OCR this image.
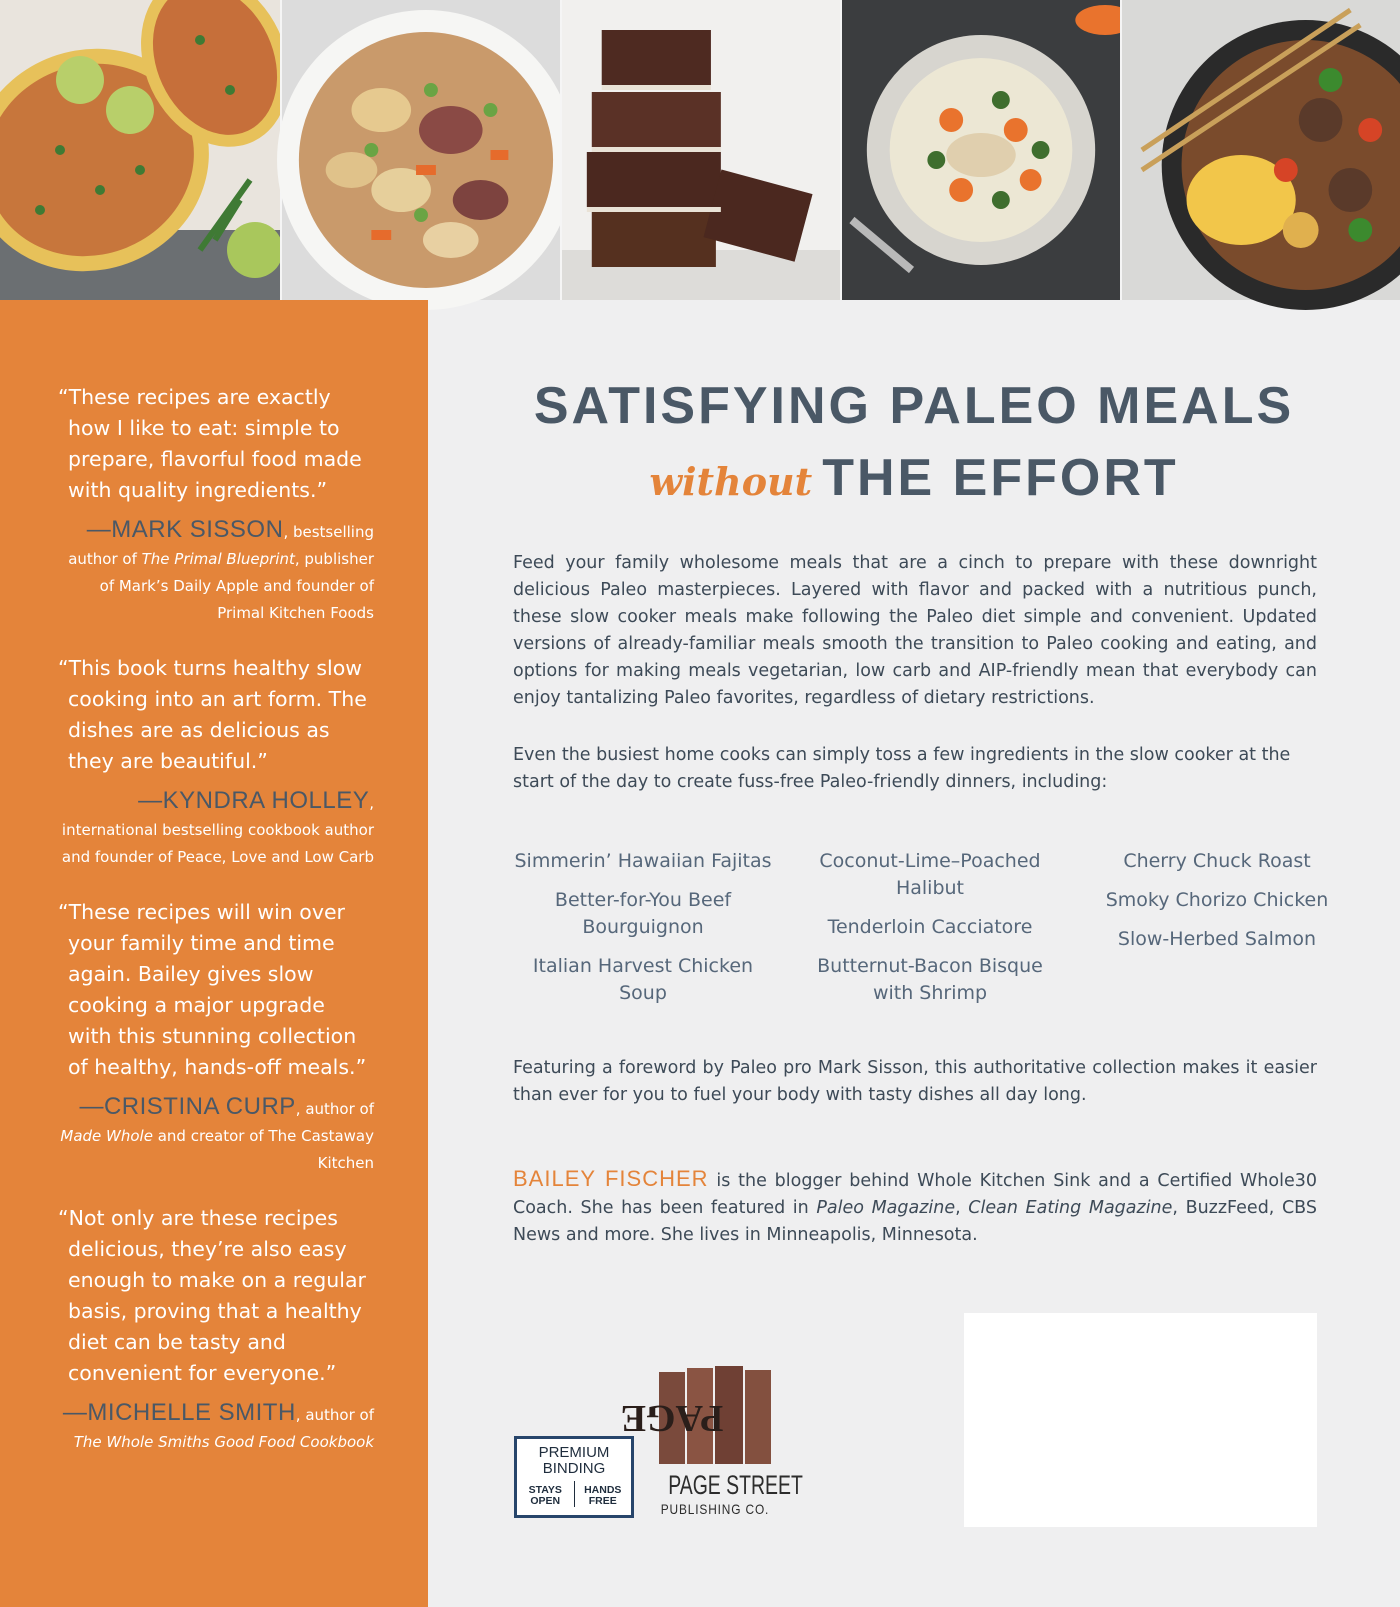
“These recipes are exactly how I like to eat: simple to prepare, flavorful food made with quality ingredients.”

—MARK SISSON, bestselling author of The Primal Blueprint, publisher of Mark’s Daily Apple and founder of Primal Kitchen Foods

“This book turns healthy slow cooking into an art form. The dishes are as delicious as they are beautiful.”

—KYNDRA HOLLEY, international bestselling cookbook author and founder of Peace, Love and Low Carb

“These recipes will win over your family time and time again. Bailey gives slow cooking a major upgrade with this stunning collection of healthy, hands-off meals.”

—CRISTINA CURP, author of Made Whole and creator of The Castaway Kitchen

“Not only are these recipes delicious, they’re also easy enough to make on a regular basis, proving that a healthy diet can be tasty and convenient for everyone.”

—MICHELLE SMITH, author of The Whole Smiths Good Food Cookbook

SATISFYING PALEO MEALS
without THE EFFORT

Feed your family wholesome meals that are a cinch to prepare with these downright delicious Paleo masterpieces. Layered with flavor and packed with a nutritious punch, these slow cooker meals make following the Paleo diet simple and convenient. Updated versions of already-familiar meals smooth the transition to Paleo cooking and eating, and options for making meals vegetarian, low carb and AIP-friendly mean that everybody can enjoy tantalizing Paleo favorites, regardless of dietary restrictions.

Even the busiest home cooks can simply toss a few ingredients in the slow cooker at the start of the day to create fuss-free Paleo-friendly dinners, including:

Simmerin’ Hawaiian Fajitas

Better-for-You Beef Bourguignon

Italian Harvest Chicken Soup

Coconut-Lime–Poached Halibut

Tenderloin Cacciatore

Butternut-Bacon Bisque with Shrimp

Cherry Chuck Roast

Smoky Chorizo Chicken

Slow-Herbed Salmon

Featuring a foreword by Paleo pro Mark Sisson, this authoritative collection makes it easier than ever for you to fuel your body with tasty dishes all day long.

BAILEY FISCHER is the blogger behind Whole Kitchen Sink and a Certified Whole30 Coach. She has been featured in Paleo Magazine, Clean Eating Magazine, BuzzFeed, CBS News and more. She lives in Minneapolis, Minnesota.

PREMIUM
BINDING
STAYS
OPEN
HANDS
FREE
PAGE
PAGE STREET
PUBLISHING CO.
